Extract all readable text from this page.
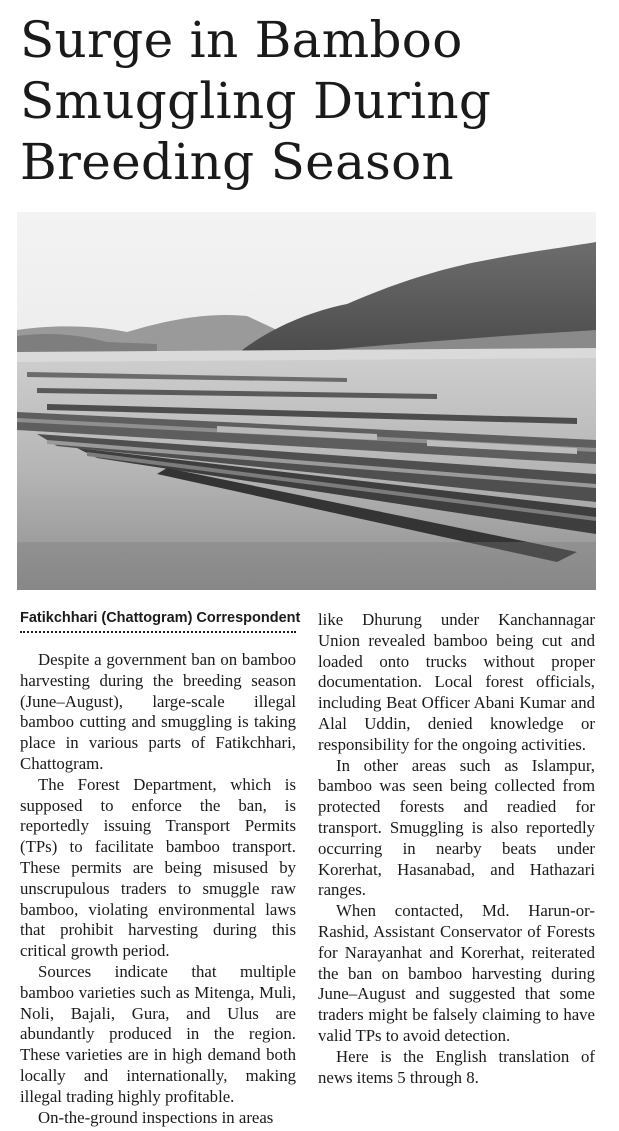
Surge in Bamboo Smuggling During Breeding Season
Fatikchhari (Chattogram) Correspondent

Despite a government ban on bamboo harvesting during the breeding season (June–August), large-scale illegal bamboo cutting and smuggling is taking place in various parts of Fatikchhari, Chattogram.

The Forest Department, which is supposed to enforce the ban, is reportedly issuing Transport Permits (TPs) to facilitate bamboo transport. These permits are being misused by unscrupulous traders to smuggle raw bamboo, violating environmental laws that prohibit harvesting during this critical growth period.

Sources indicate that multiple bamboo varieties such as Mitenga, Muli, Noli, Bajali, Gura, and Ulus are abundantly produced in the region. These varieties are in high demand both locally and internationally, making illegal trading highly profitable.

On-the-ground inspections in areas

like Dhurung under Kanchannagar Union revealed bamboo being cut and loaded onto trucks without proper documentation. Local forest officials, including Beat Officer Abani Kumar and Alal Uddin, denied knowledge or responsibility for the ongoing activities.

In other areas such as Islampur, bamboo was seen being collected from protected forests and readied for transport. Smuggling is also reportedly occurring in nearby beats under Korerhat, Hasanabad, and Hathazari ranges.

When contacted, Md. Harun-or-Rashid, Assistant Conservator of Forests for Narayanhat and Korerhat, reiterated the ban on bamboo harvesting during June–August and suggested that some traders might be falsely claiming to have valid TPs to avoid detection.

Here is the English translation of news items 5 through 8.
